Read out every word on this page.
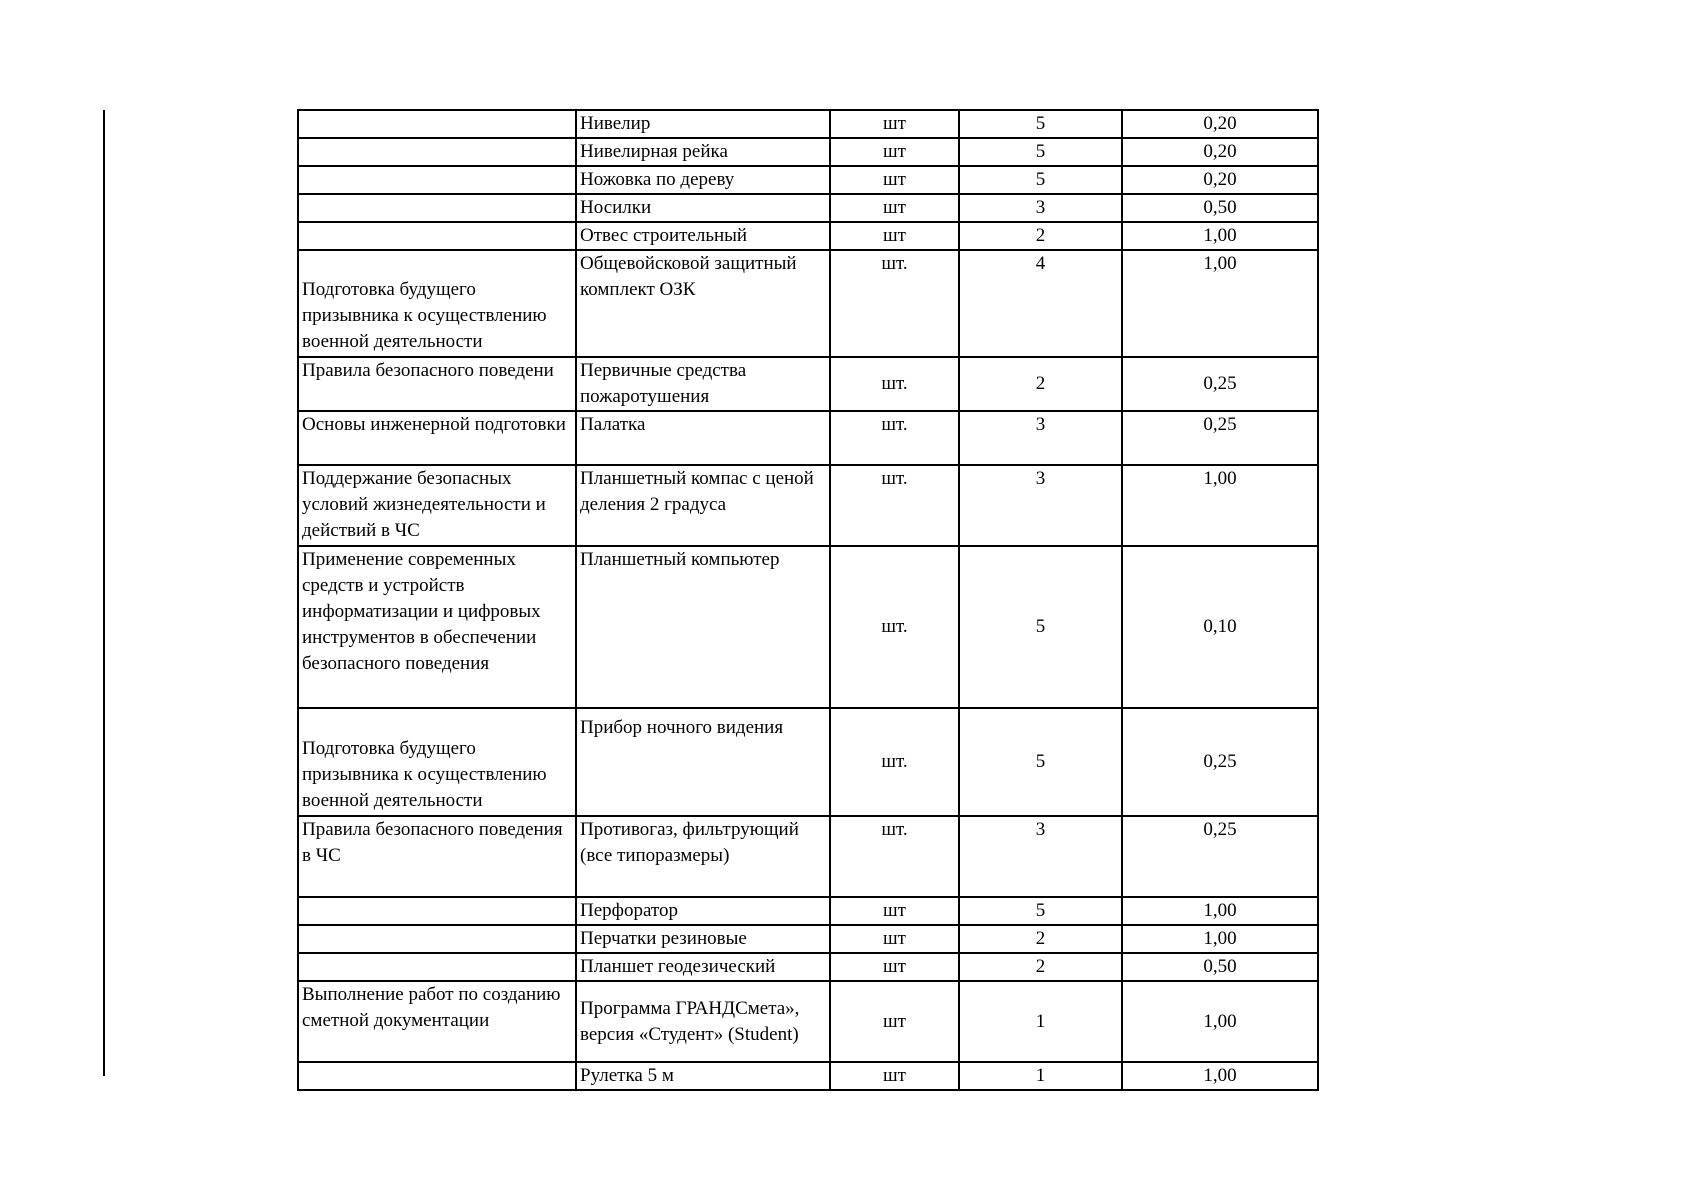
	Нивелир	шт	5	0,20
	Нивелирная рейка	шт	5	0,20
	Ножовка по дереву	шт	5	0,20
	Носилки	шт	3	0,50
	Отвес строительный	шт	2	1,00
Подготовка будущего призывника к осуществлению военной деятельности	Общевойсковой защитный комплект ОЗК	шт.	4	1,00
Правила безопасного поведени	Первичные средства пожаротушения	шт.	2	0,25
Основы инженерной подготовки	Палатка	шт.	3	0,25
Поддержание безопасных условий жизнедеятельности и действий в ЧС	Планшетный компас с ценой деления 2 градуса	шт.	3	1,00
Применение современных средств и устройств информатизации и цифровых инструментов в обеспечении безопасного поведения	Планшетный компьютер	шт.	5	0,10
Подготовка будущего призывника к осуществлению военной деятельности	Прибор ночного видения	шт.	5	0,25
Правила безопасного поведения в ЧС	Противогаз, фильтрующий (все типоразмеры)	шт.	3	0,25
	Перфоратор	шт	5	1,00
	Перчатки резиновые	шт	2	1,00
	Планшет геодезический	шт	2	0,50
Выполнение работ по созданию сметной документации	Программа ГРАНДСмета», версия «Студент» (Student)	шт	1	1,00
	Рулетка 5 м	шт	1	1,00
